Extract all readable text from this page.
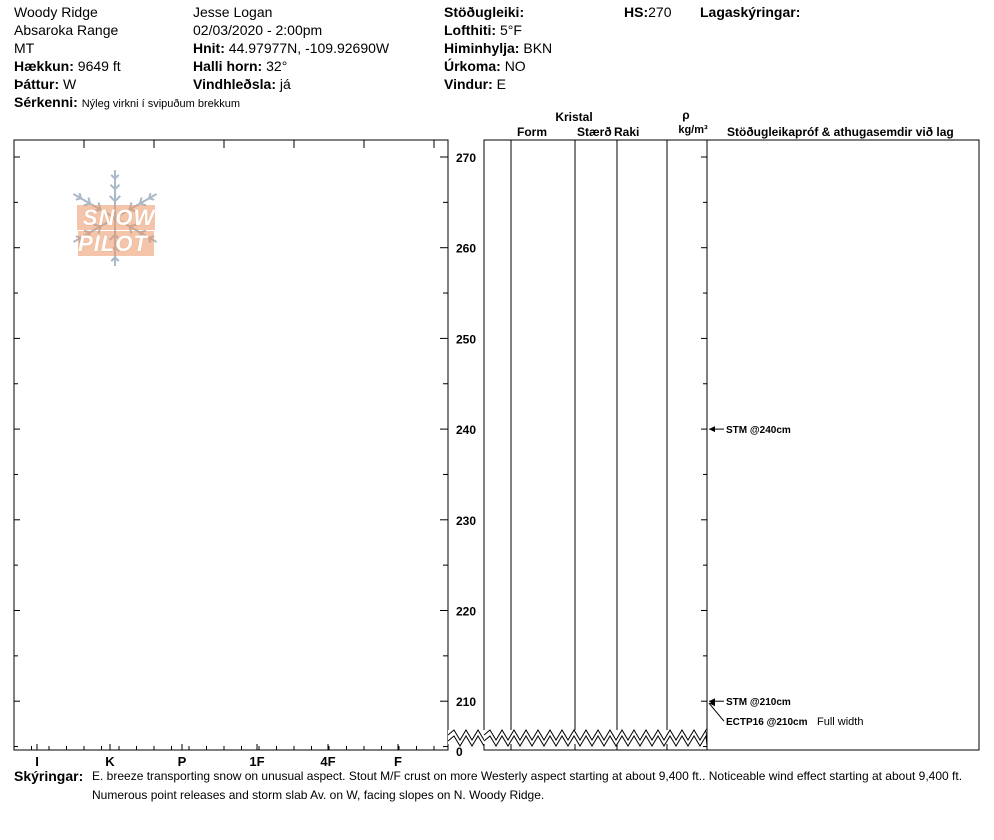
Woody Ridge
Absaroka Range
MT
Hækkun: 9649 ft
Þáttur: W
Sérkenni: Nýleg virkni í svipuðum brekkum
Jesse Logan
02/03/2020 - 2:00pm
Hnit: 44.97977N, -109.92690W
Halli horn: 32°
Vindhleðsla: já
Stöðugleiki:
Lofthiti: 5°F
Himinhylja: BKN
Úrkoma: NO
Vindur: E
HS:270 Lagaskýringar:
Kristal
Form	Stærð Raki
ρ
kg/m³	Stöðugleikapróf & athugasemdir við lag
270
260
250
240
230
220
210
0
STM @240cm
STM @210cm
ECTP16 @210cm Full width
I	K	P	1F	4F	F
SNOW PILOT
Skýringar: E. breeze transporting snow on unusual aspect. Stout M/F crust on more Westerly aspect starting at about 9,400 ft.. Noticeable wind effect starting at about 9,400 ft.
Numerous point releases and storm slab Av. on W, facing slopes on N. Woody Ridge.
